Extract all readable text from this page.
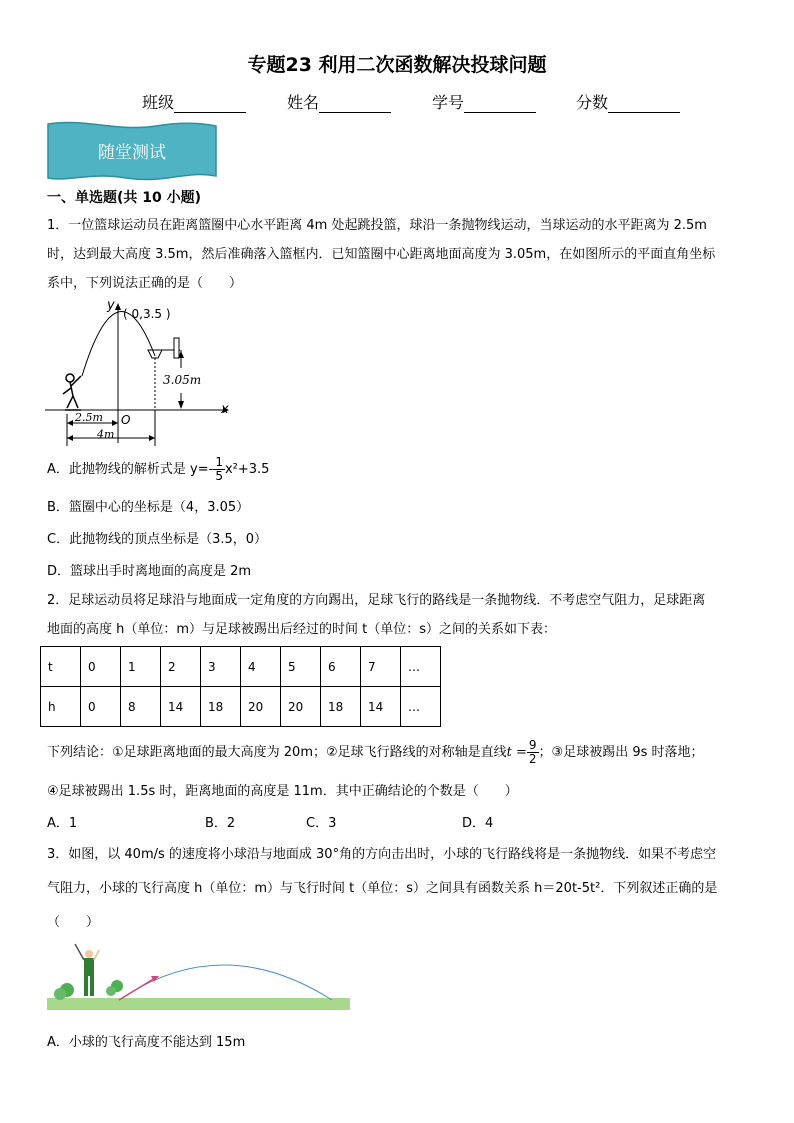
专题23 利用二次函数解决投球问题
班级	姓名	学号	分数
随堂测试
一、单选题(共 10 小题)
1．一位篮球运动员在距离篮圈中心水平距离 4m 处起跳投篮，球沿一条抛物线运动，当球运动的水平距离为 2.5m
时，达到最大高度 3.5m，然后准确落入篮框内．已知篮圈中心距离地面高度为 3.05m，在如图所示的平面直角坐标
系中，下列说法正确的是（　　）
y
x
( 0,3.5 )
3.05m
O
2.5m
4m
A．此抛物线的解析式是 $y=- \frac{1}{5} x^2+3.5$
B．篮圈中心的坐标是（4，3.05）
C．此抛物线的顶点坐标是（3.5，0）
D．篮球出手时离地面的高度是 2m
2．足球运动员将足球沿与地面成一定角度的方向踢出，足球飞行的路线是一条抛物线．不考虑空气阻力，足球距离
地面的高度 h（单位：m）与足球被踢出后经过的时间 t（单位：s）之间的关系如下表：
t	0	1	2	3	4	5	6	7	…
h	0	8	14	18	20	20	18	14	…
下列结论：①足球距离地面的最大高度为 20m；②足球飞行路线的对称轴是直线$t = \frac{9}{2}$ ；③足球被踢出 9s 时落地；
④足球被踢出 1.5s 时，距离地面的高度是 11m．其中正确结论的个数是（　　）
A．1	B．2	C．3	D．4
3．如图，以 40m/s 的速度将小球沿与地面成 30°角的方向击出时，小球的飞行路线将是一条抛物线．如果不考虑空
气阻力，小球的飞行高度 h（单位：m）与飞行时间 t（单位：s）之间具有函数关系 h＝20t-5t²．下列叙述正确的是
（　　）
A．小球的飞行高度不能达到 15m
